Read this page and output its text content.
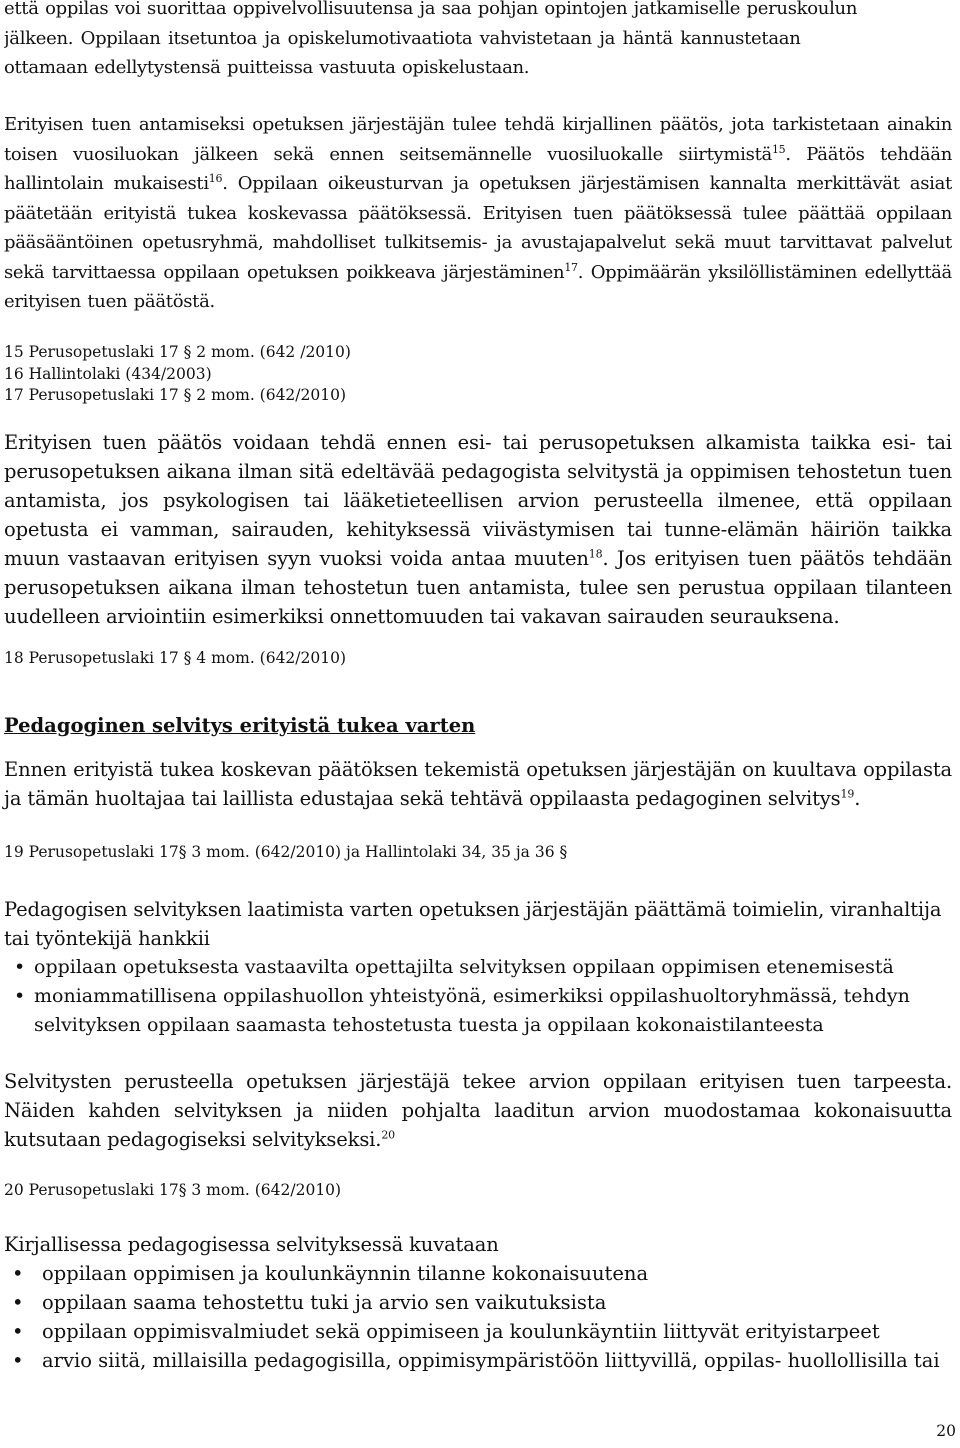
että oppilas voi suorittaa oppivelvollisuutensa ja saa pohjan opintojen jatkamiselle peruskoulun
jälkeen. Oppilaan itsetuntoa ja opiskelumotivaatiota vahvistetaan ja häntä kannustetaan
ottamaan edellytystensä puitteissa vastuuta opiskelustaan.

Erityisen tuen antamiseksi opetuksen järjestäjän tulee tehdä kirjallinen päätös, jota tarkistetaan ainakin toisen vuosiluokan jälkeen sekä ennen seitsemännelle vuosiluokalle siirtymistä$^{15}$. Päätös tehdään hallintolain mukaisesti$^{16}$. Oppilaan oikeusturvan ja opetuksen järjestämisen kannalta merkittävät asiat päätetään erityistä tukea koskevassa päätöksessä. Erityisen tuen päätöksessä tulee päättää oppilaan pääsääntöinen opetusryhmä, mahdolliset tulkitsemis- ja avustajapalvelut sekä muut tarvittavat palvelut sekä tarvittaessa oppilaan opetuksen poikkeava järjestäminen$^{17}$. Oppimäärän yksilöllistäminen edellyttää erityisen tuen päätöstä.

15 Perusopetuslaki 17 § 2 mom. (642 /2010)
16 Hallintolaki (434/2003)
17 Perusopetuslaki 17 § 2 mom. (642/2010)

Erityisen tuen päätös voidaan tehdä ennen esi- tai perusopetuksen alkamista taikka esi- tai perusopetuksen aikana ilman sitä edeltävää pedagogista selvitystä ja oppimisen tehostetun tuen antamista, jos psykologisen tai lääketieteellisen arvion perusteella ilmenee, että oppilaan opetusta ei vamman, sairauden, kehityksessä viivästymisen tai tunne-elämän häiriön taikka muun vastaavan erityisen syyn vuoksi voida antaa muuten$^{18}$. Jos erityisen tuen päätös tehdään perusopetuksen aikana ilman tehostetun tuen antamista, tulee sen perustua oppilaan tilanteen uudelleen arviointiin esimerkiksi onnettomuuden tai vakavan sairauden seurauksena.

18 Perusopetuslaki 17 § 4 mom. (642/2010)
Pedagoginen selvitys erityistä tukea varten

Ennen erityistä tukea koskevan päätöksen tekemistä opetuksen järjestäjän on kuultava oppilasta ja tämän huoltajaa tai laillista edustajaa sekä tehtävä oppilaasta pedagoginen selvitys$^{19}$.

19 Perusopetuslaki 17§ 3 mom. (642/2010) ja Hallintolaki 34, 35 ja 36 §

Pedagogisen selvityksen laatimista varten opetuksen järjestäjän päättämä toimielin, viranhaltija tai työntekijä hankkii

• oppilaan opetuksesta vastaavilta opettajilta selvityksen oppilaan oppimisen etenemisestä
• moniammatillisena oppilashuollon yhteistyönä, esimerkiksi oppilashuoltoryhmässä, tehdyn
selvityksen oppilaan saamasta tehostetusta tuesta ja oppilaan kokonaistilanteesta

Selvitysten perusteella opetuksen järjestäjä tekee arvion oppilaan erityisen tuen tarpeesta. Näiden kahden selvityksen ja niiden pohjalta laaditun arvion muodostamaa kokonaisuutta kutsutaan pedagogiseksi selvitykseksi.$^{20}$

20 Perusopetuslaki 17§ 3 mom. (642/2010)

Kirjallisessa pedagogisessa selvityksessä kuvataan

• oppilaan oppimisen ja koulunkäynnin tilanne kokonaisuutena
• oppilaan saama tehostettu tuki ja arvio sen vaikutuksista
• oppilaan oppimisvalmiudet sekä oppimiseen ja koulunkäyntiin liittyvät erityistarpeet
• arvio siitä, millaisilla pedagogisilla, oppimisympäristöön liittyvillä, oppilas- huollollisilla tai
20
